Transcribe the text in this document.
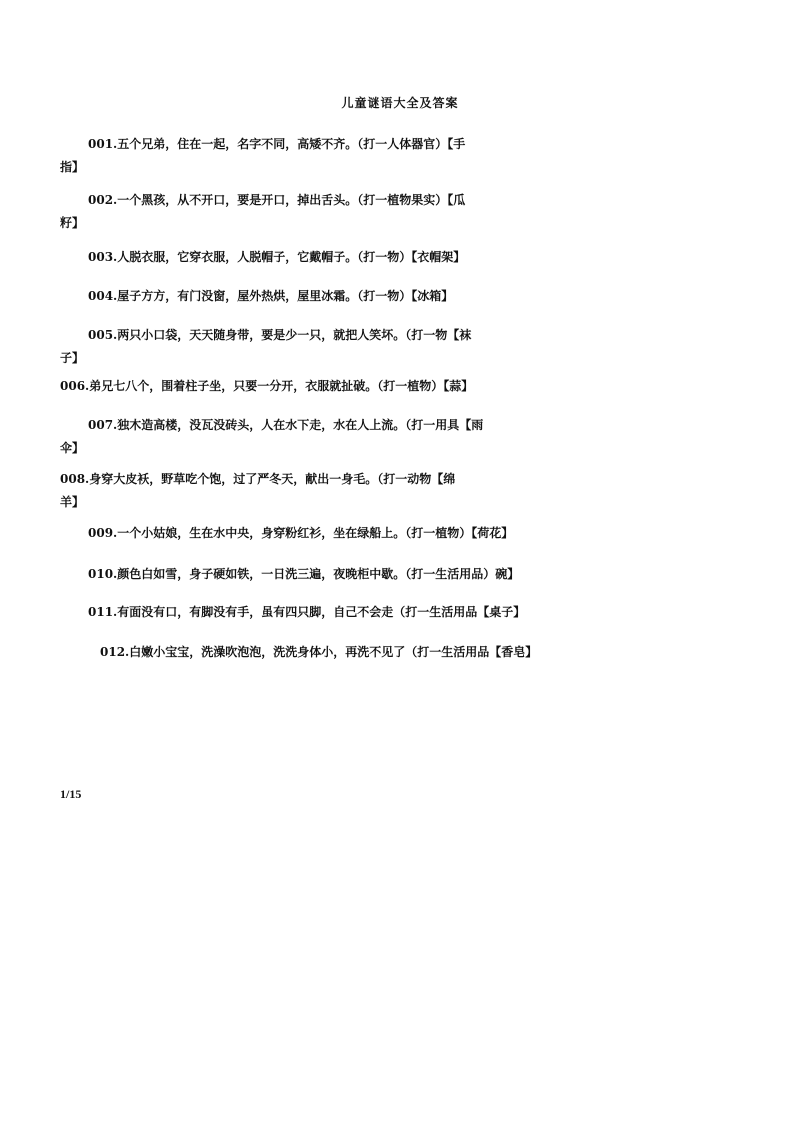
儿童谜语大全及答案
001.五个兄弟，住在一起，名字不同，高矮不齐。（打一人体器官）【手
指】
002.一个黑孩，从不开口，要是开口，掉出舌头。（打一植物果实）【瓜
籽】
003.人脱衣服，它穿衣服，人脱帽子，它戴帽子。（打一物）【衣帽架】
004.屋子方方，有门没窗，屋外热烘，屋里冰霜。（打一物）【冰箱】
005.两只小口袋，天天随身带，要是少一只，就把人笑坏。（打一物【袜
子】
006.弟兄七八个，围着柱子坐，只要一分开，衣服就扯破。（打一植物）【蒜】
007.独木造高楼，没瓦没砖头，人在水下走，水在人上流。（打一用具【雨
伞】
008.身穿大皮袄，野草吃个饱，过了严冬天，献出一身毛。（打一动物【绵
羊】
009.一个小姑娘，生在水中央，身穿粉红衫，坐在绿船上。（打一植物）【荷花】
010.颜色白如雪，身子硬如铁，一日洗三遍，夜晚柜中歇。（打一生活用品）碗】
011.有面没有口，有脚没有手，虽有四只脚，自己不会走（打一生活用品【桌子】
012.白嫩小宝宝，洗澡吹泡泡，洗洗身体小，再洗不见了（打一生活用品【香皂】
1/15
